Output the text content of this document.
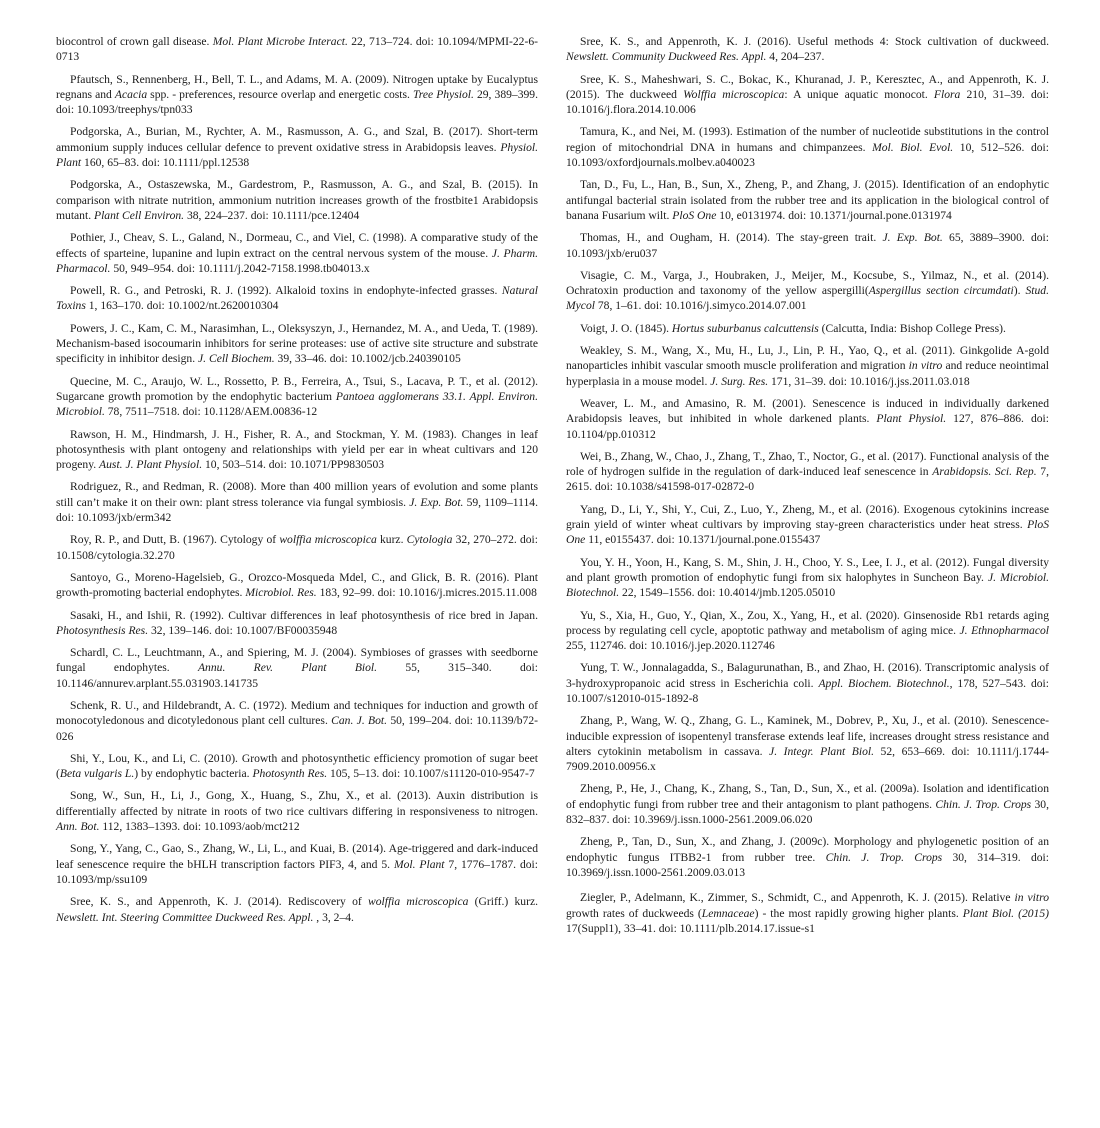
biocontrol of crown gall disease. Mol. Plant Microbe Interact. 22, 713–724. doi: 10.1094/MPMI-22-6-0713

Pfautsch, S., Rennenberg, H., Bell, T. L., and Adams, M. A. (2009). Nitrogen uptake by Eucalyptus regnans and Acacia spp. - preferences, resource overlap and energetic costs. Tree Physiol. 29, 389–399. doi: 10.1093/treephys/tpn033

Podgorska, A., Burian, M., Rychter, A. M., Rasmusson, A. G., and Szal, B. (2017). Short-term ammonium supply induces cellular defence to prevent oxidative stress in Arabidopsis leaves. Physiol. Plant 160, 65–83. doi: 10.1111/ppl.12538

Podgorska, A., Ostaszewska, M., Gardestrom, P., Rasmusson, A. G., and Szal, B. (2015). In comparison with nitrate nutrition, ammonium nutrition increases growth of the frostbite1 Arabidopsis mutant. Plant Cell Environ. 38, 224–237. doi: 10.1111/pce.12404

Pothier, J., Cheav, S. L., Galand, N., Dormeau, C., and Viel, C. (1998). A comparative study of the effects of sparteine, lupanine and lupin extract on the central nervous system of the mouse. J. Pharm. Pharmacol. 50, 949–954. doi: 10.1111/j.2042-7158.1998.tb04013.x

Powell, R. G., and Petroski, R. J. (1992). Alkaloid toxins in endophyte-infected grasses. Natural Toxins 1, 163–170. doi: 10.1002/nt.2620010304

Powers, J. C., Kam, C. M., Narasimhan, L., Oleksyszyn, J., Hernandez, M. A., and Ueda, T. (1989). Mechanism-based isocoumarin inhibitors for serine proteases: use of active site structure and substrate specificity in inhibitor design. J. Cell Biochem. 39, 33–46. doi: 10.1002/jcb.240390105

Quecine, M. C., Araujo, W. L., Rossetto, P. B., Ferreira, A., Tsui, S., Lacava, P. T., et al. (2012). Sugarcane growth promotion by the endophytic bacterium Pantoea agglomerans 33.1. Appl. Environ. Microbiol. 78, 7511–7518. doi: 10.1128/AEM.00836-12

Rawson, H. M., Hindmarsh, J. H., Fisher, R. A., and Stockman, Y. M. (1983). Changes in leaf photosynthesis with plant ontogeny and relationships with yield per ear in wheat cultivars and 120 progeny. Aust. J. Plant Physiol. 10, 503–514. doi: 10.1071/PP9830503

Rodriguez, R., and Redman, R. (2008). More than 400 million years of evolution and some plants still can’t make it on their own: plant stress tolerance via fungal symbiosis. J. Exp. Bot. 59, 1109–1114. doi: 10.1093/jxb/erm342

Roy, R. P., and Dutt, B. (1967). Cytology of wolffia microscopica kurz. Cytologia 32, 270–272. doi: 10.1508/cytologia.32.270

Santoyo, G., Moreno-Hagelsieb, G., Orozco-Mosqueda Mdel, C., and Glick, B. R. (2016). Plant growth-promoting bacterial endophytes. Microbiol. Res. 183, 92–99. doi: 10.1016/j.micres.2015.11.008

Sasaki, H., and Ishii, R. (1992). Cultivar differences in leaf photosynthesis of rice bred in Japan. Photosynthesis Res. 32, 139–146. doi: 10.1007/BF00035948

Schardl, C. L., Leuchtmann, A., and Spiering, M. J. (2004). Symbioses of grasses with seedborne fungal endophytes. Annu. Rev. Plant Biol. 55, 315–340. doi: 10.1146/annurev.arplant.55.031903.141735

Schenk, R. U., and Hildebrandt, A. C. (1972). Medium and techniques for induction and growth of monocotyledonous and dicotyledonous plant cell cultures. Can. J. Bot. 50, 199–204. doi: 10.1139/b72-026

Shi, Y., Lou, K., and Li, C. (2010). Growth and photosynthetic efficiency promotion of sugar beet (Beta vulgaris L.) by endophytic bacteria. Photosynth Res. 105, 5–13. doi: 10.1007/s11120-010-9547-7

Song, W., Sun, H., Li, J., Gong, X., Huang, S., Zhu, X., et al. (2013). Auxin distribution is differentially affected by nitrate in roots of two rice cultivars differing in responsiveness to nitrogen. Ann. Bot. 112, 1383–1393. doi: 10.1093/aob/mct212

Song, Y., Yang, C., Gao, S., Zhang, W., Li, L., and Kuai, B. (2014). Age-triggered and dark-induced leaf senescence require the bHLH transcription factors PIF3, 4, and 5. Mol. Plant 7, 1776–1787. doi: 10.1093/mp/ssu109

Sree, K. S., and Appenroth, K. J. (2014). Rediscovery of wolffia microscopica (Griff.) kurz. Newslett. Int. Steering Committee Duckweed Res. Appl. , 3, 2–4.

Sree, K. S., and Appenroth, K. J. (2016). Useful methods 4: Stock cultivation of duckweed. Newslett. Community Duckweed Res. Appl. 4, 204–237.

Sree, K. S., Maheshwari, S. C., Bokac, K., Khuranad, J. P., Keresztec, A., and Appenroth, K. J. (2015). The duckweed Wolffia microscopica: A unique aquatic monocot. Flora 210, 31–39. doi: 10.1016/j.flora.2014.10.006

Tamura, K., and Nei, M. (1993). Estimation of the number of nucleotide substitutions in the control region of mitochondrial DNA in humans and chimpanzees. Mol. Biol. Evol. 10, 512–526. doi: 10.1093/oxfordjournals.molbev.a040023

Tan, D., Fu, L., Han, B., Sun, X., Zheng, P., and Zhang, J. (2015). Identification of an endophytic antifungal bacterial strain isolated from the rubber tree and its application in the biological control of banana Fusarium wilt. PloS One 10, e0131974. doi: 10.1371/journal.pone.0131974

Thomas, H., and Ougham, H. (2014). The stay-green trait. J. Exp. Bot. 65, 3889–3900. doi: 10.1093/jxb/eru037

Visagie, C. M., Varga, J., Houbraken, J., Meijer, M., Kocsube, S., Yilmaz, N., et al. (2014). Ochratoxin production and taxonomy of the yellow aspergilli(Aspergillus section circumdati). Stud. Mycol 78, 1–61. doi: 10.1016/j.simyco.2014.07.001

Voigt, J. O. (1845). Hortus suburbanus calcuttensis (Calcutta, India: Bishop College Press).

Weakley, S. M., Wang, X., Mu, H., Lu, J., Lin, P. H., Yao, Q., et al. (2011). Ginkgolide A-gold nanoparticles inhibit vascular smooth muscle proliferation and migration in vitro and reduce neointimal hyperplasia in a mouse model. J. Surg. Res. 171, 31–39. doi: 10.1016/j.jss.2011.03.018

Weaver, L. M., and Amasino, R. M. (2001). Senescence is induced in individually darkened Arabidopsis leaves, but inhibited in whole darkened plants. Plant Physiol. 127, 876–886. doi: 10.1104/pp.010312

Wei, B., Zhang, W., Chao, J., Zhang, T., Zhao, T., Noctor, G., et al. (2017). Functional analysis of the role of hydrogen sulfide in the regulation of dark-induced leaf senescence in Arabidopsis. Sci. Rep. 7, 2615. doi: 10.1038/s41598-017-02872-0

Yang, D., Li, Y., Shi, Y., Cui, Z., Luo, Y., Zheng, M., et al. (2016). Exogenous cytokinins increase grain yield of winter wheat cultivars by improving stay-green characteristics under heat stress. PloS One 11, e0155437. doi: 10.1371/journal.pone.0155437

You, Y. H., Yoon, H., Kang, S. M., Shin, J. H., Choo, Y. S., Lee, I. J., et al. (2012). Fungal diversity and plant growth promotion of endophytic fungi from six halophytes in Suncheon Bay. J. Microbiol. Biotechnol. 22, 1549–1556. doi: 10.4014/jmb.1205.05010

Yu, S., Xia, H., Guo, Y., Qian, X., Zou, X., Yang, H., et al. (2020). Ginsenoside Rb1 retards aging process by regulating cell cycle, apoptotic pathway and metabolism of aging mice. J. Ethnopharmacol 255, 112746. doi: 10.1016/j.jep.2020.112746

Yung, T. W., Jonnalagadda, S., Balagurunathan, B., and Zhao, H. (2016). Transcriptomic analysis of 3-hydroxypropanoic acid stress in Escherichia coli. Appl. Biochem. Biotechnol., 178, 527–543. doi: 10.1007/s12010-015-1892-8

Zhang, P., Wang, W. Q., Zhang, G. L., Kaminek, M., Dobrev, P., Xu, J., et al. (2010). Senescence-inducible expression of isopentenyl transferase extends leaf life, increases drought stress resistance and alters cytokinin metabolism in cassava. J. Integr. Plant Biol. 52, 653–669. doi: 10.1111/j.1744-7909.2010.00956.x

Zheng, P., He, J., Chang, K., Zhang, S., Tan, D., Sun, X., et al. (2009a). Isolation and identification of endophytic fungi from rubber tree and their antagonism to plant pathogens. Chin. J. Trop. Crops 30, 832–837. doi: 10.3969/j.issn.1000-2561.2009.06.020

Zheng, P., Tan, D., Sun, X., and Zhang, J. (2009c). Morphology and phylogenetic position of an endophytic fungus ITBB2-1 from rubber tree. Chin. J. Trop. Crops 30, 314–319. doi: 10.3969/j.issn.1000-2561.2009.03.013

Ziegler, P., Adelmann, K., Zimmer, S., Schmidt, C., and Appenroth, K. J. (2015). Relative in vitro growth rates of duckweeds (Lemnaceae) - the most rapidly growing higher plants. Plant Biol. (2015) 17(Suppl1), 33–41. doi: 10.1111/plb.2014.17.issue-s1
